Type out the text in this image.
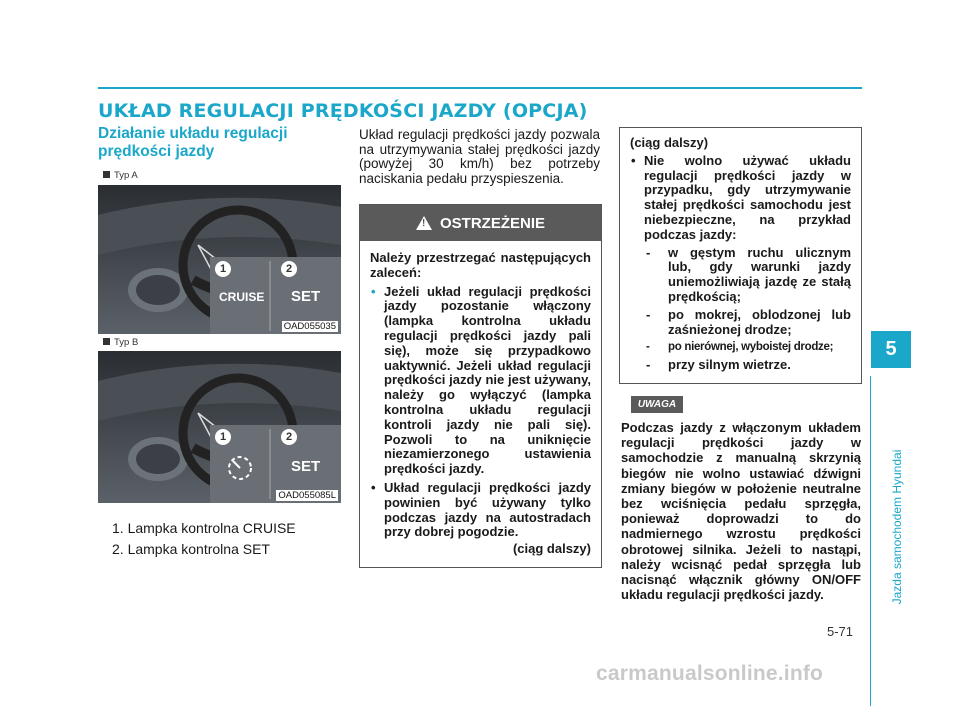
UKŁAD REGULACJI PRĘDKOŚCI JAZDY (OPCJA)
Działanie układu regulacji prędkości jazdy
Typ A
1	2
CRUISE SET
OAD055035
Typ B
1	2
SET
OAD055085L
1. Lampka kontrolna CRUISE
2. Lampka kontrolna SET
Układ regulacji prędkości jazdy pozwala na utrzymywania stałej prędkości jazdy (powyżej 30 km/h) bez potrzeby naciskania pedału przyspieszenia.
!
OSTRZEŻENIE
Należy przestrzegać następujących zaleceń:
• Jeżeli układ regulacji prędkości jazdy pozostanie włączony (lampka kontrolna układu regulacji prędkości jazdy pali się), może się przypadkowo uaktywnić. Jeżeli układ regulacji prędkości jazdy nie jest używany, należy go wyłączyć (lampka kontrolna układu regulacji kontroli jazdy nie pali się). Pozwoli to na uniknięcie niezamierzonego ustawienia prędkości jazdy.
• Układ regulacji prędkości jazdy powinien być używany tylko podczas jazdy na autostradach przy dobrej pogodzie.
(ciąg dalszy)
(ciąg dalszy)
• Nie wolno używać układu regulacji prędkości jazdy w przypadku, gdy utrzymywanie stałej prędkości samochodu jest niebezpieczne, na przykład podczas jazdy:
- w gęstym ruchu ulicznym lub, gdy warunki jazdy uniemożliwiają jazdę ze stałą prędkością;
- po mokrej, oblodzonej lub zaśnieżonej drodze;
- po nierównej, wyboistej drodze;
- przy silnym wietrze.
UWAGA
Podczas jazdy z włączonym układem regulacji prędkości jazdy w samochodzie z manualną skrzynią biegów nie wolno ustawiać dźwigni zmiany biegów w położenie neutralne bez wciśnięcia pedału sprzęgła, ponieważ doprowadzi to do nadmiernego wzrostu prędkości obrotowej silnika. Jeżeli to nastąpi, należy wcisnąć pedał sprzęgła lub nacisnąć włącznik główny ON/OFF układu regulacji prędkości jazdy.
5
Jazda samochodem Hyundai
5-71
carmanualsonline.info
